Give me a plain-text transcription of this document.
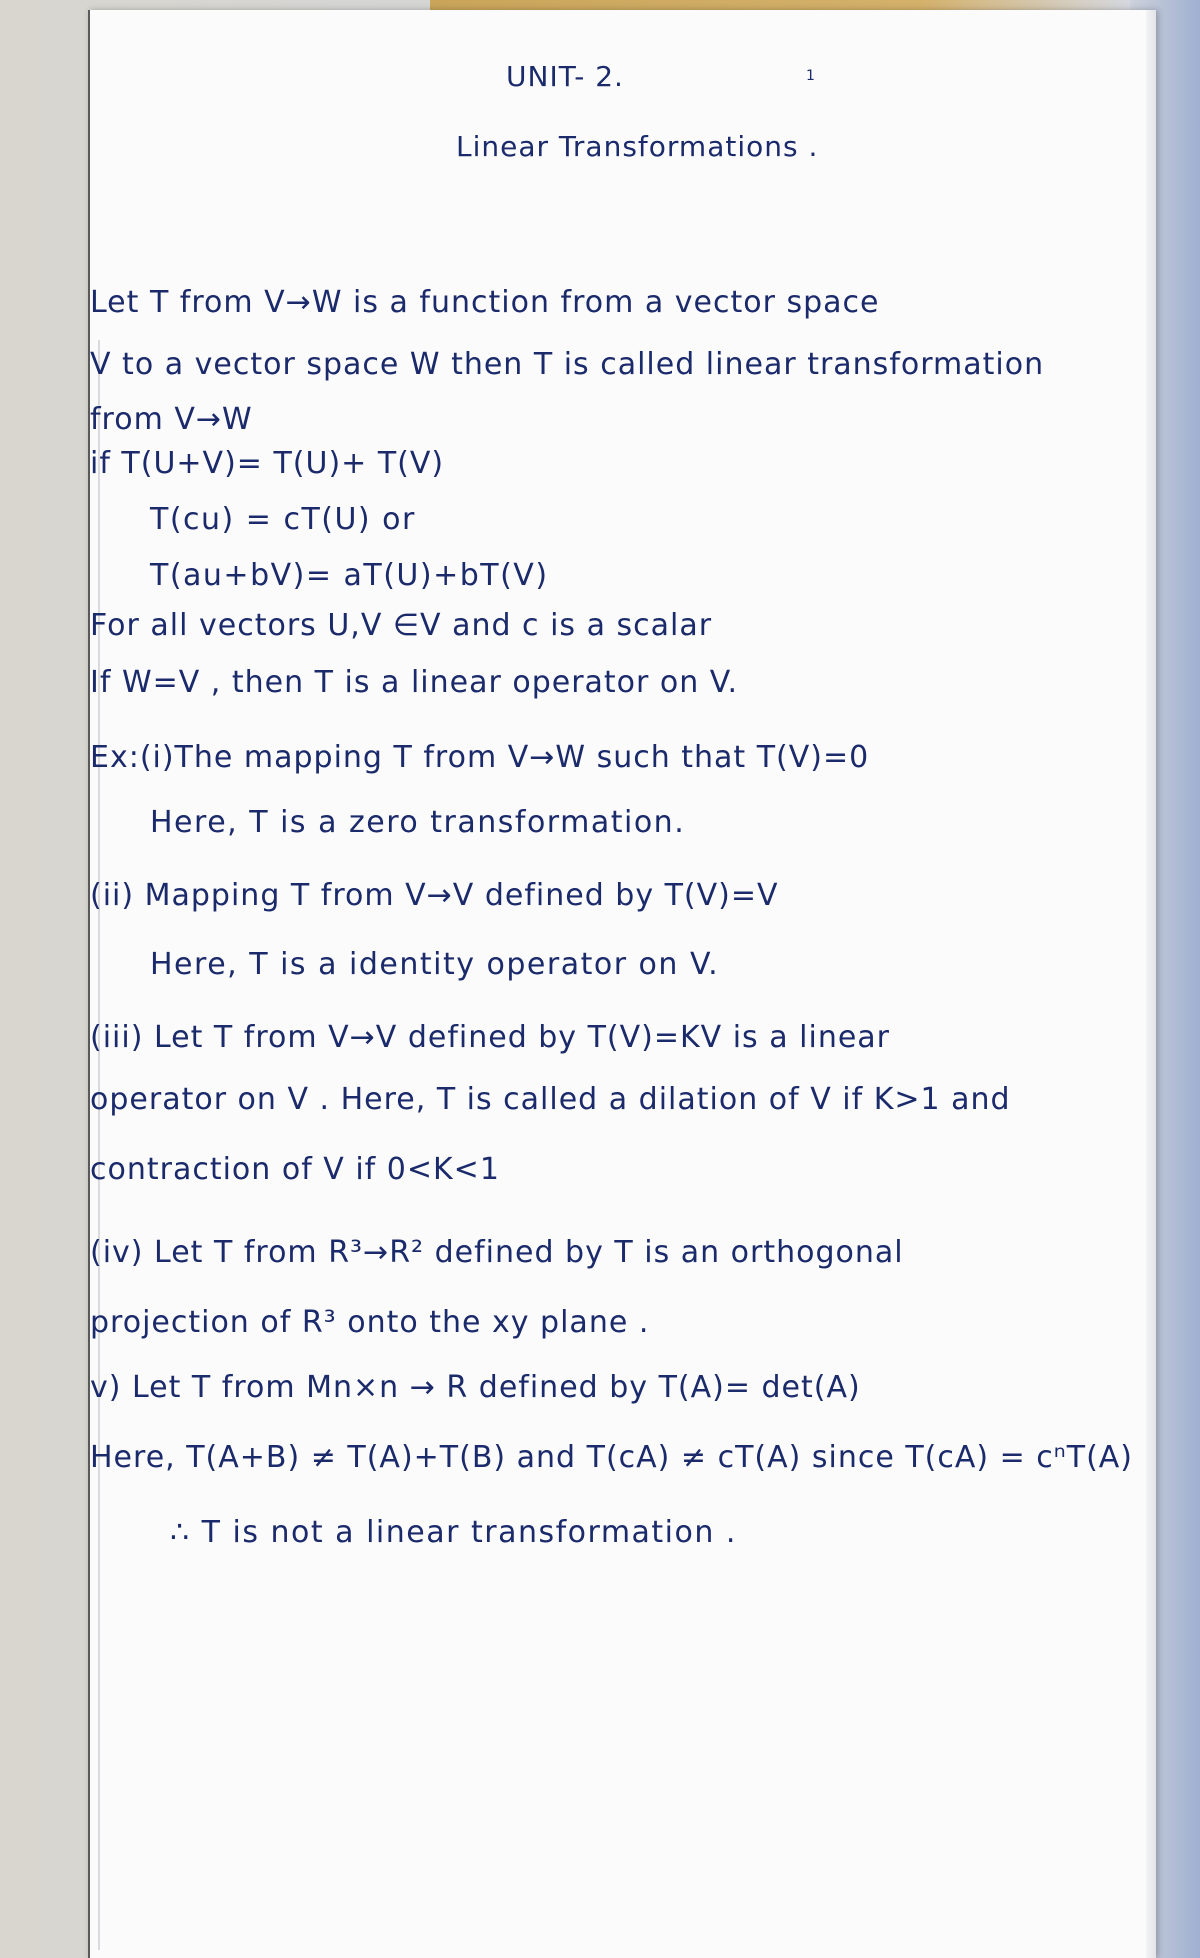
UNIT- 2.	1
Linear Transformations .
Let T from V→W is a function from a vector space
V to a vector space W then T is called linear transformation
from V→W
if T(U+V)= T(U)+ T(V)
T(cu) = cT(U) or
T(au+bV)= aT(U)+bT(V)
For all vectors U,V ∈V and c is a scalar
If W=V , then T is a linear operator on V.
Ex:(i)The mapping T from V→W such that T(V)=0
Here, T is a zero transformation.
(ii) Mapping T from V→V defined by T(V)=V
Here, T is a identity operator on V.
(iii) Let T from V→V defined by T(V)=KV is a linear
operator on V . Here, T is called a dilation of V if K>1 and
contraction of V if 0<K<1
(iv) Let T from R³→R² defined by T is an orthogonal
projection of R³ onto the xy plane .
v) Let T from Mn×n → R defined by T(A)= det(A)
Here, T(A+B) ≠ T(A)+T(B) and T(cA) ≠ cT(A) since T(cA) = cⁿT(A)
∴ T is not a linear transformation .
